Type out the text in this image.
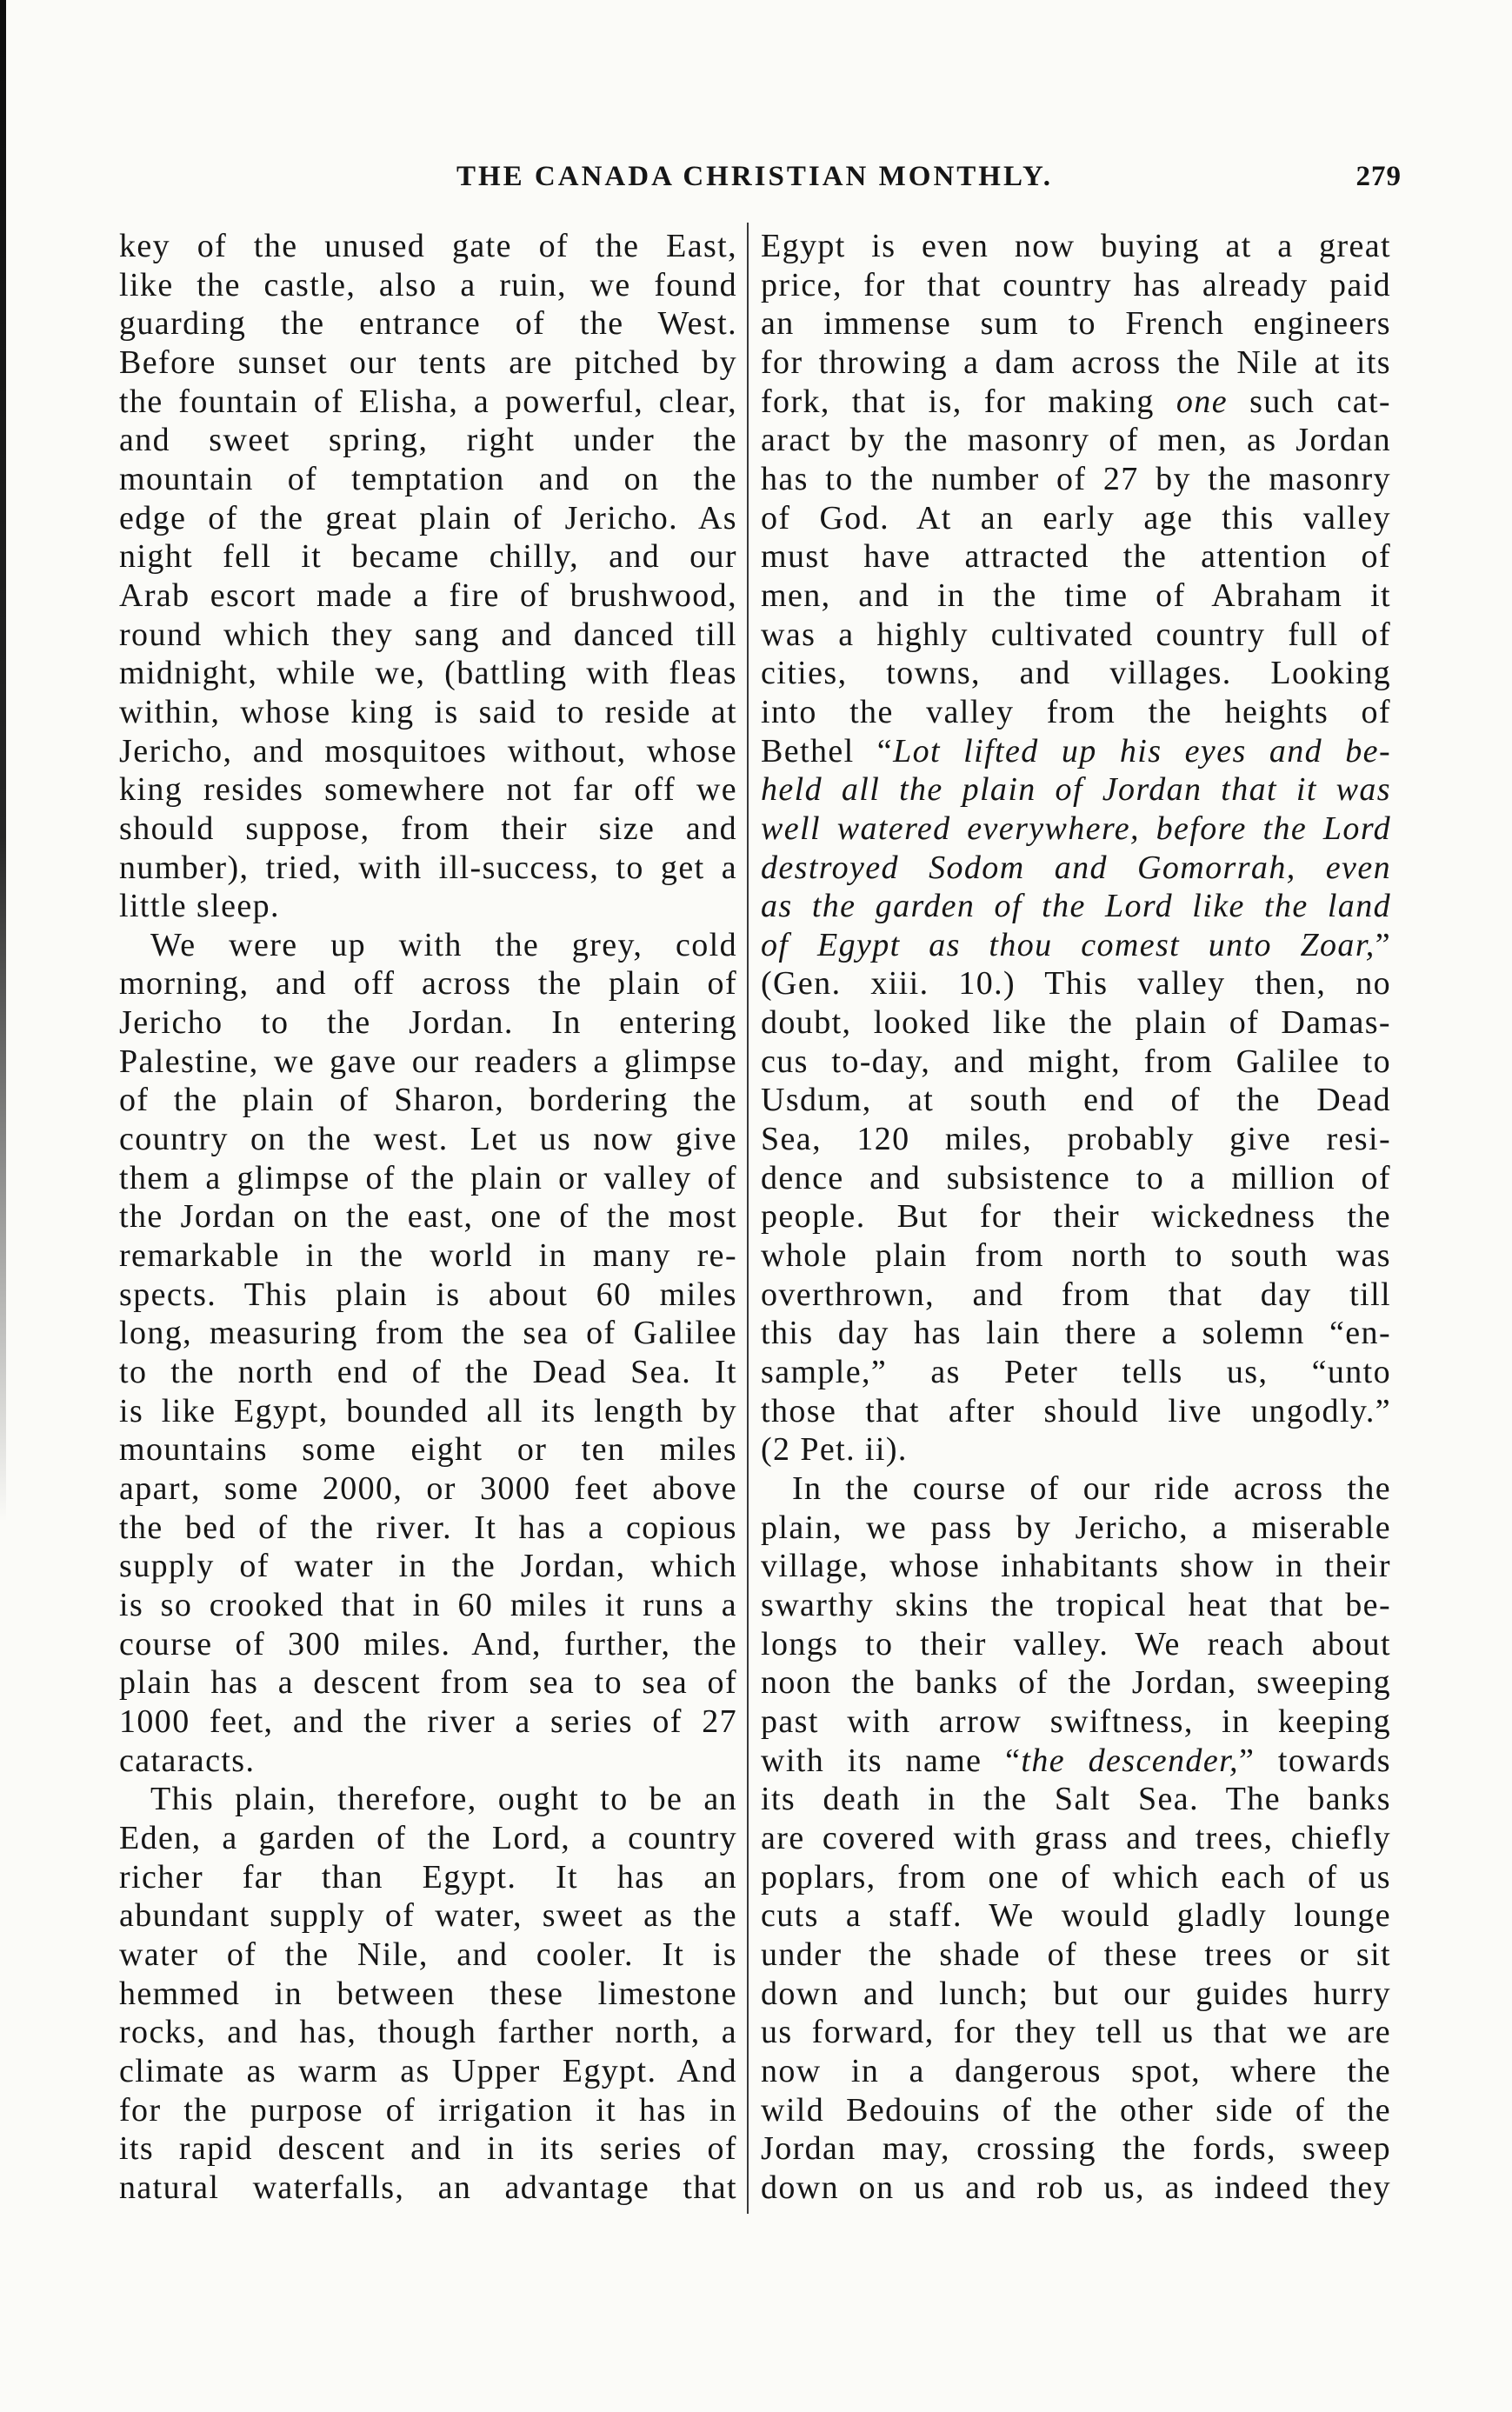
THE CANADA CHRISTIAN MONTHLY.	279
key of the unused gate of the East,
like the castle, also a ruin, we found
guarding the entrance of the West.
Before sunset our tents are pitched by
the fountain of Elisha, a powerful, clear,
and sweet spring, right under the
mountain of temptation and on the
edge of the great plain of Jericho. As
night fell it became chilly, and our
Arab escort made a fire of brushwood,
round which they sang and danced till
midnight, while we, (battling with fleas
within, whose king is said to reside at
Jericho, and mosquitoes without, whose
king resides somewhere not far off we
should suppose, from their size and
number), tried, with ill-success, to get a
little sleep.
We were up with the grey, cold
morning, and off across the plain of
Jericho to the Jordan. In entering
Palestine, we gave our readers a glimpse
of the plain of Sharon, bordering the
country on the west. Let us now give
them a glimpse of the plain or valley of
the Jordan on the east, one of the most
remarkable in the world in many re-
spects. This plain is about 60 miles
long, measuring from the sea of Galilee
to the north end of the Dead Sea. It
is like Egypt, bounded all its length by
mountains some eight or ten miles
apart, some 2000, or 3000 feet above
the bed of the river. It has a copious
supply of water in the Jordan, which
is so crooked that in 60 miles it runs a
course of 300 miles. And, further, the
plain has a descent from sea to sea of
1000 feet, and the river a series of 27
cataracts.
This plain, therefore, ought to be an
Eden, a garden of the Lord, a country
richer far than Egypt. It has an
abundant supply of water, sweet as the
water of the Nile, and cooler. It is
hemmed in between these limestone
rocks, and has, though farther north, a
climate as warm as Upper Egypt. And
for the purpose of irrigation it has in
its rapid descent and in its series of
natural waterfalls, an advantage that
Egypt is even now buying at a great
price, for that country has already paid
an immense sum to French engineers
for throwing a dam across the Nile at its
fork, that is, for making one such cat-
aract by the masonry of men, as Jordan
has to the number of 27 by the masonry
of God. At an early age this valley
must have attracted the attention of
men, and in the time of Abraham it
was a highly cultivated country full of
cities, towns, and villages. Looking
into the valley from the heights of
Bethel “Lot lifted up his eyes and be-
held all the plain of Jordan that it was
well watered everywhere, before the Lord
destroyed Sodom and Gomorrah, even
as the garden of the Lord like the land
of Egypt as thou comest unto Zoar,”
(Gen. xiii. 10.) This valley then, no
doubt, looked like the plain of Damas-
cus to-day, and might, from Galilee to
Usdum, at south end of the Dead
Sea, 120 miles, probably give resi-
dence and subsistence to a million of
people. But for their wickedness the
whole plain from north to south was
overthrown, and from that day till
this day has lain there a solemn “en-
sample,” as Peter tells us, “unto
those that after should live ungodly.”
(2 Pet. ii).
In the course of our ride across the
plain, we pass by Jericho, a miserable
village, whose inhabitants show in their
swarthy skins the tropical heat that be-
longs to their valley. We reach about
noon the banks of the Jordan, sweeping
past with arrow swiftness, in keeping
with its name “the descender,” towards
its death in the Salt Sea. The banks
are covered with grass and trees, chiefly
poplars, from one of which each of us
cuts a staff. We would gladly lounge
under the shade of these trees or sit
down and lunch; but our guides hurry
us forward, for they tell us that we are
now in a dangerous spot, where the
wild Bedouins of the other side of the
Jordan may, crossing the fords, sweep
down on us and rob us, as indeed they
